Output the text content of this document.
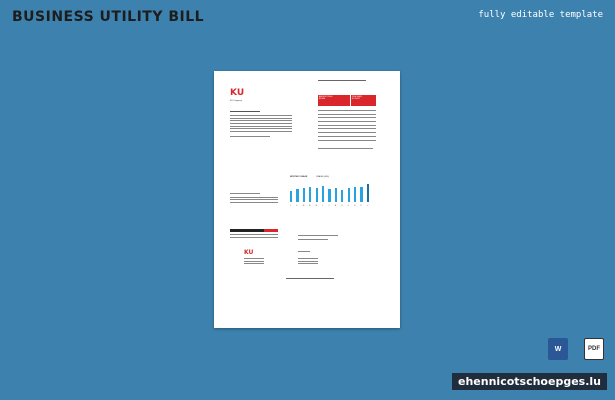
BUSINESS UTILITY BILL	fully editable template
KU
KU Company
AMOUNT DUE
$3,846
DUE DATE
01/14/24
MONTHLY USAGE	USAGE (kWh)
J	F	M	A	M	J	J	A	S	O	N	D	J
KU
W	PDF
ehennicotschoepges.lu
